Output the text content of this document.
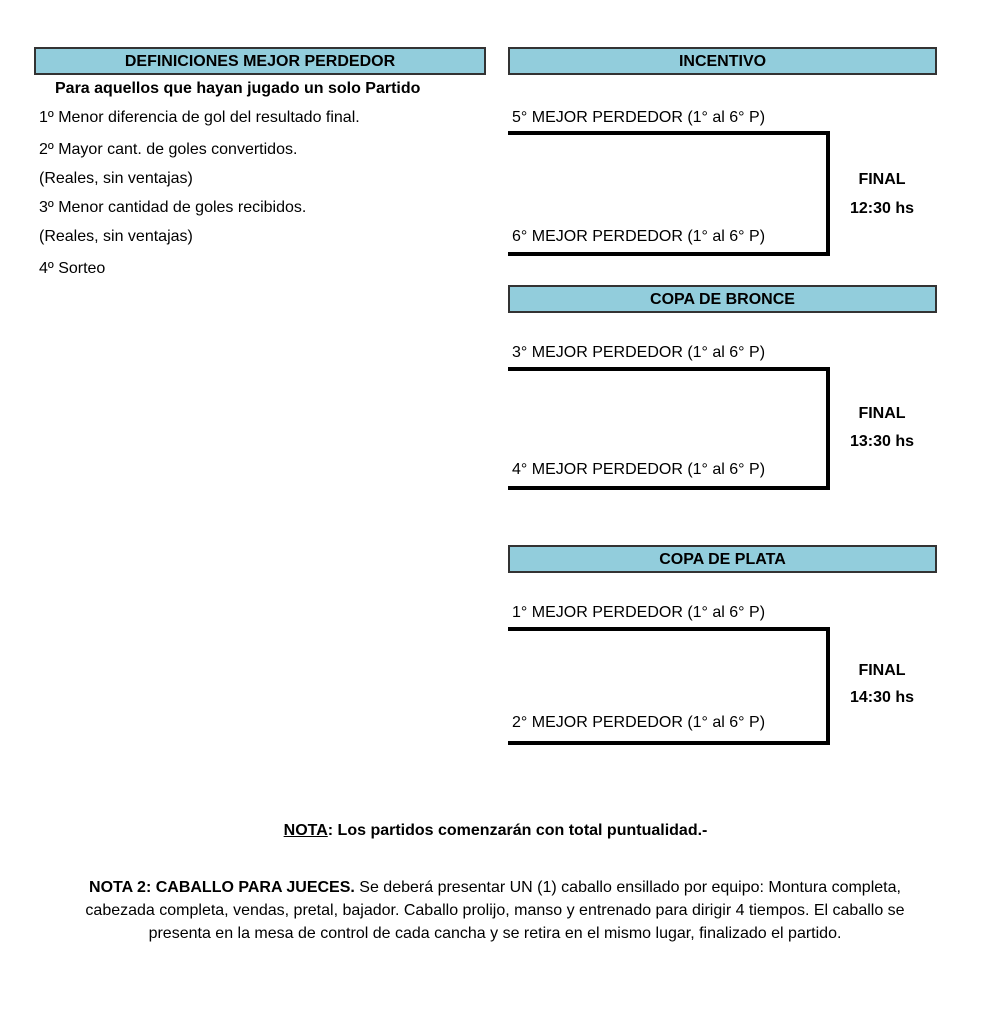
DEFINICIONES MEJOR PERDEDOR
Para aquellos que hayan jugado un solo Partido
1º Menor diferencia de gol del resultado final.
2º Mayor cant. de goles convertidos.
(Reales, sin ventajas)
3º Menor cantidad de goles recibidos.
(Reales, sin ventajas)
4º Sorteo
INCENTIVO
5° MEJOR PERDEDOR (1° al 6° P)
6° MEJOR PERDEDOR (1° al 6° P)
FINAL
12:30 hs
COPA DE BRONCE
3° MEJOR PERDEDOR (1° al 6° P)
4° MEJOR PERDEDOR (1° al 6° P)
FINAL
13:30 hs
COPA DE PLATA
1° MEJOR PERDEDOR (1° al 6° P)
2° MEJOR PERDEDOR (1° al 6° P)
FINAL
14:30 hs
NOTA: Los partidos comenzarán con total puntualidad.-
NOTA 2: CABALLO PARA JUECES. Se deberá presentar UN (1) caballo ensillado por equipo: Montura completa, cabezada completa, vendas, pretal, bajador. Caballo prolijo, manso y entrenado para dirigir 4 tiempos. El caballo se presenta en la mesa de control de cada cancha y se retira en el mismo lugar, finalizado el partido.
